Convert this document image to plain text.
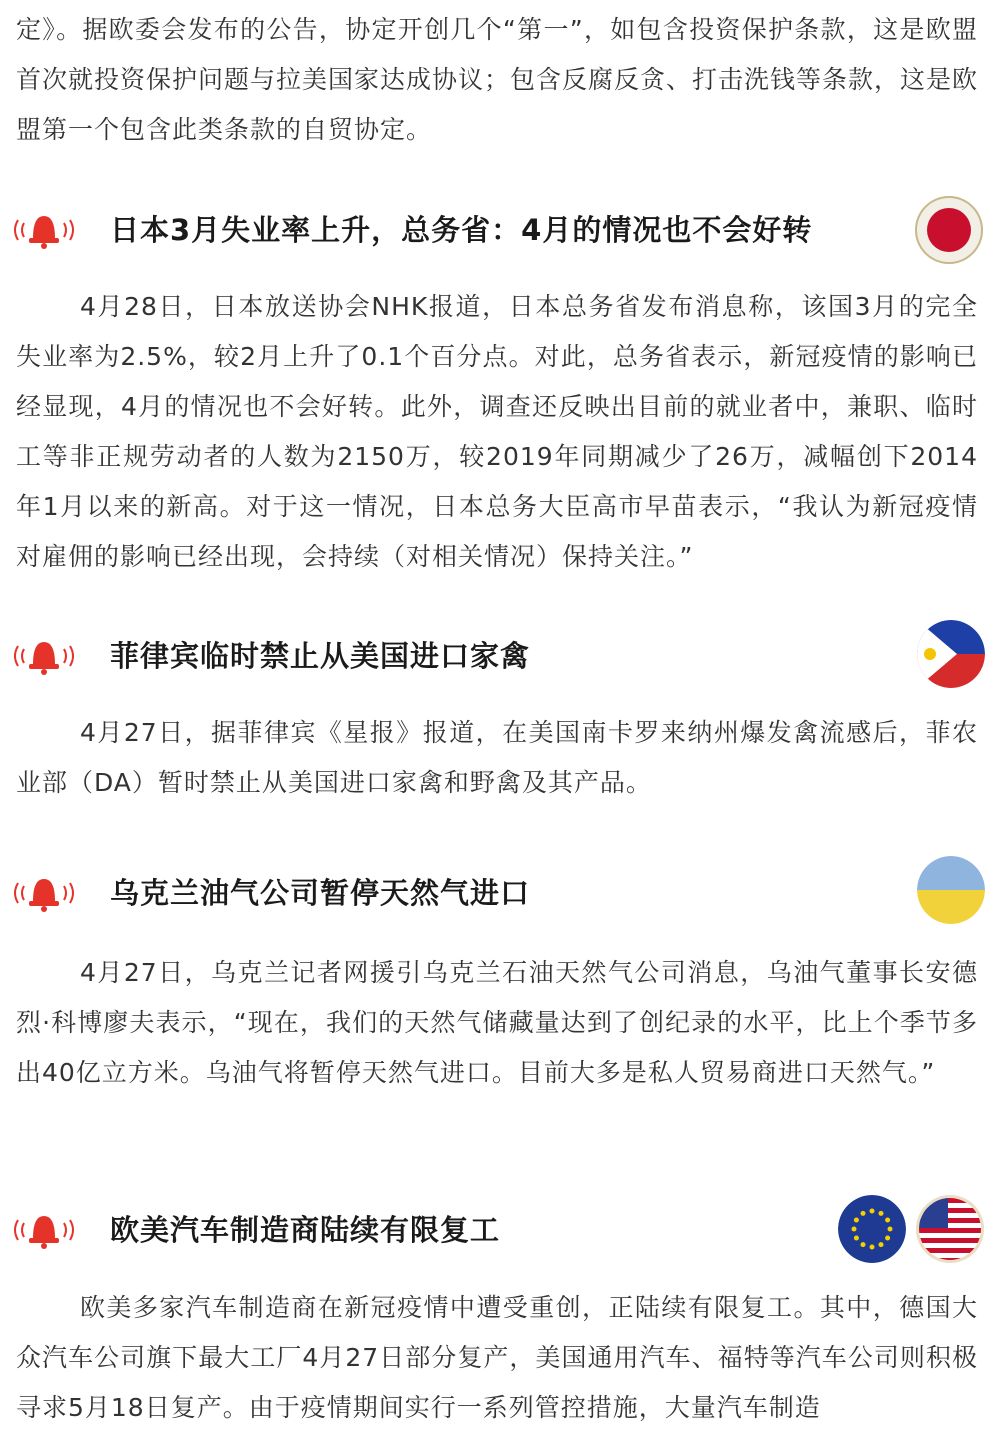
定》。据欧委会发布的公告，协定开创几个“第一”，如包含投资保护条款，这是欧盟首次就投资保护问题与拉美国家达成协议；包含反腐反贪、打击洗钱等条款，这是欧盟第一个包含此类条款的自贸协定。

日本3月失业率上升，总务省：4月的情况也不会好转

4月28日，日本放送协会NHK报道，日本总务省发布消息称，该国3月的完全失业率为2.5%，较2月上升了0.1个百分点。对此，总务省表示，新冠疫情的影响已经显现，4月的情况也不会好转。此外，调查还反映出目前的就业者中，兼职、临时工等非正规劳动者的人数为2150万，较2019年同期减少了26万，减幅创下2014年1月以来的新高。对于这一情况，日本总务大臣高市早苗表示，“我认为新冠疫情对雇佣的影响已经出现，会持续（对相关情况）保持关注。”

菲律宾临时禁止从美国进口家禽

4月27日，据菲律宾《星报》报道，在美国南卡罗来纳州爆发禽流感后，菲农业部（DA）暂时禁止从美国进口家禽和野禽及其产品。

乌克兰油气公司暂停天然气进口

4月27日，乌克兰记者网援引乌克兰石油天然气公司消息，乌油气董事长安德烈·科博廖夫表示，“现在，我们的天然气储藏量达到了创纪录的水平，比上个季节多出40亿立方米。乌油气将暂停天然气进口。目前大多是私人贸易商进口天然气。”

欧美汽车制造商陆续有限复工

欧美多家汽车制造商在新冠疫情中遭受重创，正陆续有限复工。其中，德国大众汽车公司旗下最大工厂4月27日部分复产，美国通用汽车、福特等汽车公司则积极寻求5月18日复产。由于疫情期间实行一系列管控措施，大量汽车制造
